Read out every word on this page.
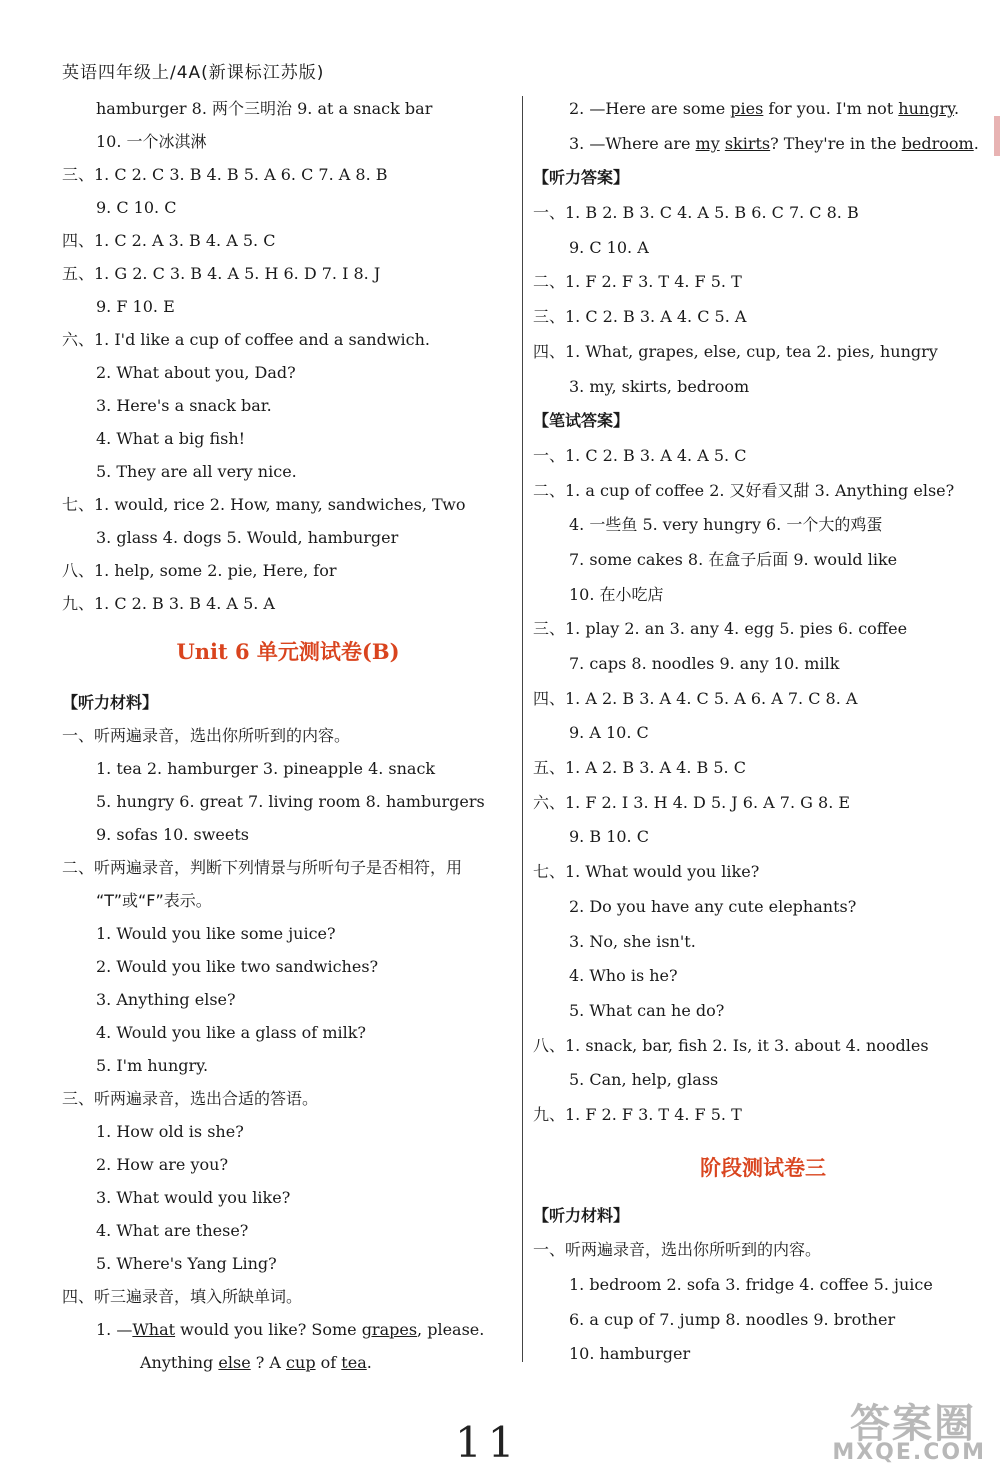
英语四年级上/4A(新课标江苏版)
hamburger 8. 两个三明治 9. at a snack bar
10. 一个冰淇淋
三、1. C 2. C 3. B 4. B 5. A 6. C 7. A 8. B
9. C 10. C
四、1. C 2. A 3. B 4. A 5. C
五、1. G 2. C 3. B 4. A 5. H 6. D 7. I 8. J
9. F 10. E
六、1. I'd like a cup of coffee and a sandwich.
2. What about you, Dad?
3. Here's a snack bar.
4. What a big fish!
5. They are all very nice.
七、1. would, rice 2. How, many, sandwiches, Two
3. glass 4. dogs 5. Would, hamburger
八、1. help, some 2. pie, Here, for
九、1. C 2. B 3. B 4. A 5. A
Unit 6 单元测试卷(B)
【听力材料】
一、听两遍录音，选出你所听到的内容。
1. tea 2. hamburger 3. pineapple 4. snack
5. hungry 6. great 7. living room 8. hamburgers
9. sofas 10. sweets
二、听两遍录音，判断下列情景与所听句子是否相符，用
“T”或“F”表示。
1. Would you like some juice?
2. Would you like two sandwiches?
3. Anything else?
4. Would you like a glass of milk?
5. I'm hungry.
三、听两遍录音，选出合适的答语。
1. How old is she?
2. How are you?
3. What would you like?
4. What are these?
5. Where's Yang Ling?
四、听三遍录音，填入所缺单词。
1. —What would you like? Some grapes, please.
Anything else ? A cup of tea.
2. —Here are some pies for you. I'm not hungry.
3. —Where are my skirts? They're in the bedroom.
【听力答案】
一、1. B 2. B 3. C 4. A 5. B 6. C 7. C 8. B
9. C 10. A
二、1. F 2. F 3. T 4. F 5. T
三、1. C 2. B 3. A 4. C 5. A
四、1. What, grapes, else, cup, tea 2. pies, hungry
3. my, skirts, bedroom
【笔试答案】
一、1. C 2. B 3. A 4. A 5. C
二、1. a cup of coffee 2. 又好看又甜 3. Anything else?
4. 一些鱼 5. very hungry 6. 一个大的鸡蛋
7. some cakes 8. 在盒子后面 9. would like
10. 在小吃店
三、1. play 2. an 3. any 4. egg 5. pies 6. coffee
7. caps 8. noodles 9. any 10. milk
四、1. A 2. B 3. A 4. C 5. A 6. A 7. C 8. A
9. A 10. C
五、1. A 2. B 3. A 4. B 5. C
六、1. F 2. I 3. H 4. D 5. J 6. A 7. G 8. E
9. B 10. C
七、1. What would you like?
2. Do you have any cute elephants?
3. No, she isn't.
4. Who is he?
5. What can he do?
八、1. snack, bar, fish 2. Is, it 3. about 4. noodles
5. Can, help, glass
九、1. F 2. F 3. T 4. F 5. T
阶段测试卷三
【听力材料】
一、听两遍录音，选出你所听到的内容。
1. bedroom 2. sofa 3. fridge 4. coffee 5. juice
6. a cup of 7. jump 8. noodles 9. brother
10. hamburger
11	答案圈
MXQE.COM
